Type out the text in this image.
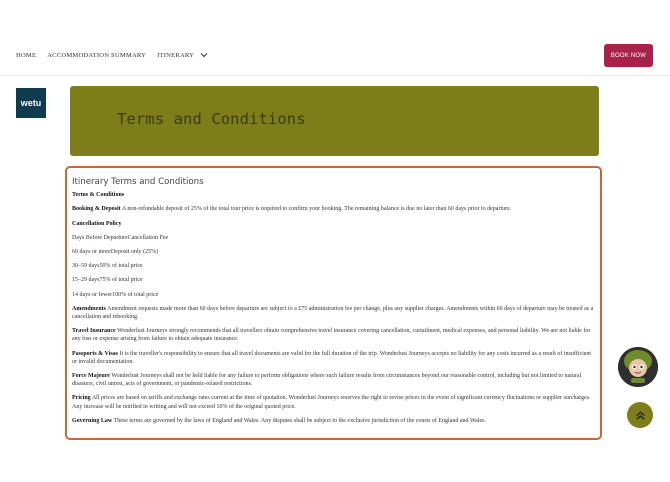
HOME ACCOMMODATION SUMMARY ITINERARY	BOOK NOW
wetu
Terms and Conditions
Itinerary Terms and Conditions

Terms & Conditions

Booking & Deposit A non-refundable deposit of 25% of the total tour price is required to confirm your booking. The remaining balance is due no later than 60 days prior to departure.

Cancellation Policy

Days Before DepartureCancellation Fee

60 days or moreDeposit only (25%)

30–59 days50% of total price

15–29 days75% of total price

14 days or fewer100% of total price

Amendments Amendment requests made more than 60 days before departure are subject to a £75 administration fee per change, plus any supplier charges. Amendments within 60 days of departure may be treated as a cancellation and rebooking.

Travel Insurance Wonderlust Journeys strongly recommends that all travellers obtain comprehensive travel insurance covering cancellation, curtailment, medical expenses, and personal liability. We are not liable for any loss or expense arising from failure to obtain adequate insurance.

Passports & Visas It is the traveller's responsibility to ensure that all travel documents are valid for the full duration of the trip. Wonderlust Journeys accepts no liability for any costs incurred as a result of insufficient or invalid documentation.

Force Majeure Wonderlust Journeys shall not be held liable for any failure to perform obligations where such failure results from circumstances beyond our reasonable control, including but not limited to natural disasters, civil unrest, acts of government, or pandemic-related restrictions.

Pricing All prices are based on tariffs and exchange rates current at the time of quotation. Wonderlust Journeys reserves the right to revise prices in the event of significant currency fluctuations or supplier surcharges. Any increase will be notified in writing and will not exceed 10% of the original quoted price.

Governing Law These terms are governed by the laws of England and Wales. Any disputes shall be subject to the exclusive jurisdiction of the courts of England and Wales.
